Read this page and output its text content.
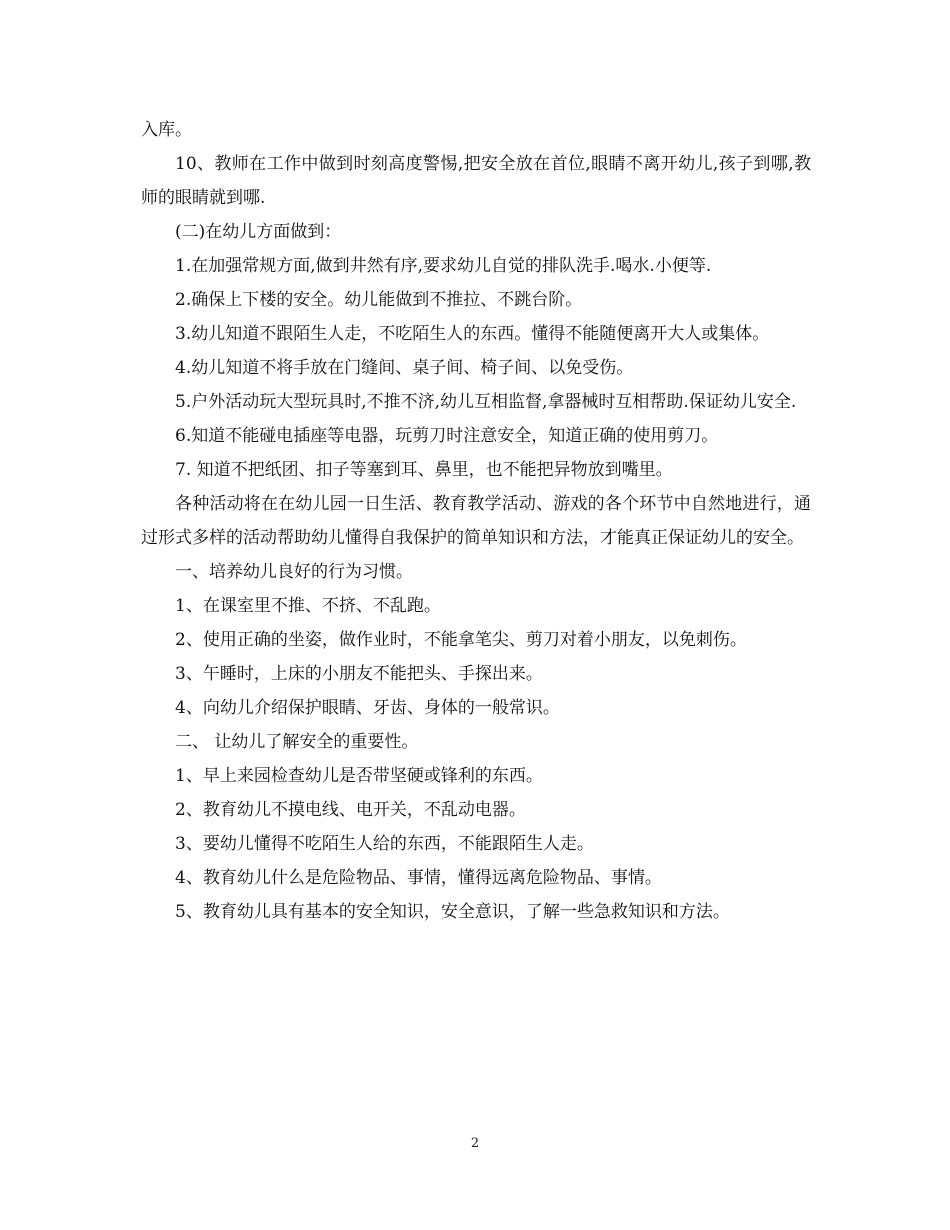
入库。

10、教师在工作中做到时刻高度警惕,把安全放在首位,眼睛不离开幼儿,孩子到哪,教师的眼睛就到哪.

(二)在幼儿方面做到：

1.在加强常规方面,做到井然有序,要求幼儿自觉的排队洗手.喝水.小便等.

2.确保上下楼的安全。幼儿能做到不推拉、不跳台阶。

3.幼儿知道不跟陌生人走，不吃陌生人的东西。懂得不能随便离开大人或集体。

4.幼儿知道不将手放在门缝间、桌子间、椅子间、以免受伤。

5.户外活动玩大型玩具时,不推不济,幼儿互相监督,拿器械时互相帮助.保证幼儿安全.

6.知道不能碰电插座等电器，玩剪刀时注意安全，知道正确的使用剪刀。

7. 知道不把纸团、扣子等塞到耳、鼻里，也不能把异物放到嘴里。

各种活动将在在幼儿园一日生活、教育教学活动、游戏的各个环节中自然地进行，通过形式多样的活动帮助幼儿懂得自我保护的简单知识和方法，才能真正保证幼儿的安全。

一、培养幼儿良好的行为习惯。

1、在课室里不推、不挤、不乱跑。

2、使用正确的坐姿，做作业时，不能拿笔尖、剪刀对着小朋友，以免刺伤。

3、午睡时，上床的小朋友不能把头、手探出来。

4、向幼儿介绍保护眼睛、牙齿、身体的一般常识。

二、 让幼儿了解安全的重要性。

1、早上来园检查幼儿是否带坚硬或锋利的东西。

2、教育幼儿不摸电线、电开关，不乱动电器。

3、要幼儿懂得不吃陌生人给的东西，不能跟陌生人走。

4、教育幼儿什么是危险物品、事情，懂得远离危险物品、事情。

5、教育幼儿具有基本的安全知识，安全意识，了解一些急救知识和方法。

2
